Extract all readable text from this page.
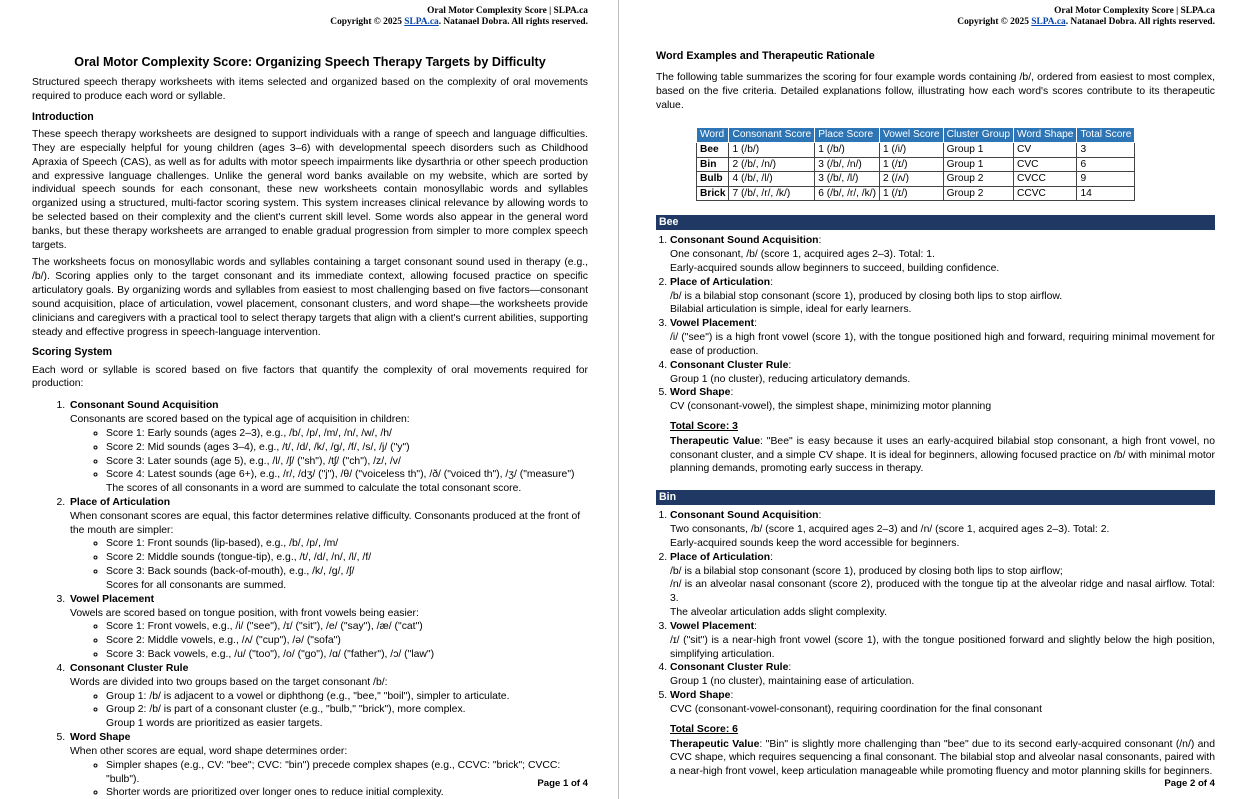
Oral Motor Complexity Score | SLPA.ca
Copyright © 2025 SLPA.ca. Natanael Dobra. All rights reserved.
Oral Motor Complexity Score: Organizing Speech Therapy Targets by Difficulty

Structured speech therapy worksheets with items selected and organized based on the complexity of oral movements required to produce each word or syllable.

Introduction

These speech therapy worksheets are designed to support individuals with a range of speech and language difficulties. They are especially helpful for young children (ages 3–6) with developmental speech disorders such as Childhood Apraxia of Speech (CAS), as well as for adults with motor speech impairments like dysarthria or other speech production and expressive language challenges. Unlike the general word banks available on my website, which are sorted by individual speech sounds for each consonant, these new worksheets contain monosyllabic words and syllables organized using a structured, multi-factor scoring system. This system increases clinical relevance by allowing words to be selected based on their complexity and the client's current skill level. Some words also appear in the general word banks, but these therapy worksheets are arranged to enable gradual progression from simpler to more complex speech targets.

The worksheets focus on monosyllabic words and syllables containing a target consonant sound used in therapy (e.g., /b/). Scoring applies only to the target consonant and its immediate context, allowing focused practice on specific articulatory goals. By organizing words and syllables from easiest to most challenging based on five factors—consonant sound acquisition, place of articulation, vowel placement, consonant clusters, and word shape—the worksheets provide clinicians and caregivers with a practical tool to select therapy targets that align with a client's current abilities, supporting steady and effective progress in speech-language intervention.

Scoring System

Each word or syllable is scored based on five factors that quantify the complexity of oral movements required for production:

1. Consonant Sound Acquisition
Consonants are scored based on the typical age of acquisition in children:
◦ Score 1: Early sounds (ages 2–3), e.g., /b/, /p/, /m/, /n/, /w/, /h/
◦ Score 2: Mid sounds (ages 3–4), e.g., /t/, /d/, /k/, /g/, /f/, /s/, /j/ ("y")
◦ Score 3: Later sounds (age 5), e.g., /l/, /ʃ/ ("sh"), /tʃ/ ("ch"), /z/, /v/
◦ Score 4: Latest sounds (age 6+), e.g., /r/, /dʒ/ ("j"), /θ/ ("voiceless th"), /ð/ ("voiced th"), /ʒ/ ("measure")
The scores of all consonants in a word are summed to calculate the total consonant score.
2. Place of Articulation
When consonant scores are equal, this factor determines relative difficulty. Consonants produced at the front of the mouth are simpler:
◦ Score 1: Front sounds (lip-based), e.g., /b/, /p/, /m/
◦ Score 2: Middle sounds (tongue-tip), e.g., /t/, /d/, /n/, /l/, /f/
◦ Score 3: Back sounds (back-of-mouth), e.g., /k/, /g/, /ʃ/
Scores for all consonants are summed.
3. Vowel Placement
Vowels are scored based on tongue position, with front vowels being easier:
◦ Score 1: Front vowels, e.g., /i/ ("see"), /ɪ/ ("sit"), /e/ ("say"), /æ/ ("cat")
◦ Score 2: Middle vowels, e.g., /ʌ/ ("cup"), /ə/ ("sofa")
◦ Score 3: Back vowels, e.g., /u/ ("too"), /o/ ("go"), /ɑ/ ("father"), /ɔ/ ("law")
4. Consonant Cluster Rule
Words are divided into two groups based on the target consonant /b/:
◦ Group 1: /b/ is adjacent to a vowel or diphthong (e.g., "bee," "boil"), simpler to articulate.
◦ Group 2: /b/ is part of a consonant cluster (e.g., "bulb," "brick"), more complex.
Group 1 words are prioritized as easier targets.
5. Word Shape
When other scores are equal, word shape determines order:
◦ Simpler shapes (e.g., CV: "bee"; CVC: "bin") precede complex shapes (e.g., CCVC: "brick"; CVCC: "bulb").
◦ Shorter words are prioritized over longer ones to reduce initial complexity.
Page 1 of 4
Oral Motor Complexity Score | SLPA.ca
Copyright © 2025 SLPA.ca. Natanael Dobra. All rights reserved.
Word Examples and Therapeutic Rationale

The following table summarizes the scoring for four example words containing /b/, ordered from easiest to most complex, based on the five criteria. Detailed explanations follow, illustrating how each word's scores contribute to its therapeutic value.

Word	Consonant Score	Place Score	Vowel Score	Cluster Group	Word Shape	Total Score
Bee	1 (/b/)	1 (/b/)	1 (/i/)	Group 1	CV	3
Bin	2 (/b/, /n/)	3 (/b/, /n/)	1 (/ɪ/)	Group 1	CVC	6
Bulb	4 (/b/, /l/)	3 (/b/, /l/)	2 (/ʌ/)	Group 2	CVCC	9
Brick	7 (/b/, /r/, /k/)	6 (/b/, /r/, /k/)	1 (/ɪ/)	Group 2	CCVC	14
Bee
1. Consonant Sound Acquisition:
One consonant, /b/ (score 1, acquired ages 2–3). Total: 1.
Early-acquired sounds allow beginners to succeed, building confidence.
2. Place of Articulation:
/b/ is a bilabial stop consonant (score 1), produced by closing both lips to stop airflow.
Bilabial articulation is simple, ideal for early learners.
3. Vowel Placement:
/i/ ("see") is a high front vowel (score 1), with the tongue positioned high and forward, requiring minimal movement for ease of production.
4. Consonant Cluster Rule:
Group 1 (no cluster), reducing articulatory demands.
5. Word Shape:
CV (consonant-vowel), the simplest shape, minimizing motor planning
Total Score: 3
Therapeutic Value: "Bee" is easy because it uses an early-acquired bilabial stop consonant, a high front vowel, no consonant cluster, and a simple CV shape. It is ideal for beginners, allowing focused practice on /b/ with minimal motor planning demands, promoting early success in therapy.
Bin
1. Consonant Sound Acquisition:
Two consonants, /b/ (score 1, acquired ages 2–3) and /n/ (score 1, acquired ages 2–3). Total: 2.
Early-acquired sounds keep the word accessible for beginners.
2. Place of Articulation:
/b/ is a bilabial stop consonant (score 1), produced by closing both lips to stop airflow;
/n/ is an alveolar nasal consonant (score 2), produced with the tongue tip at the alveolar ridge and nasal airflow. Total: 3.
The alveolar articulation adds slight complexity.
3. Vowel Placement:
/ɪ/ ("sit") is a near-high front vowel (score 1), with the tongue positioned forward and slightly below the high position, simplifying articulation.
4. Consonant Cluster Rule:
Group 1 (no cluster), maintaining ease of articulation.
5. Word Shape:
CVC (consonant-vowel-consonant), requiring coordination for the final consonant
Total Score: 6
Therapeutic Value: "Bin" is slightly more challenging than "bee" due to its second early-acquired consonant (/n/) and CVC shape, which requires sequencing a final consonant. The bilabial stop and alveolar nasal consonants, paired with a near-high front vowel, keep articulation manageable while promoting fluency and motor planning skills for beginners.
Page 2 of 4
